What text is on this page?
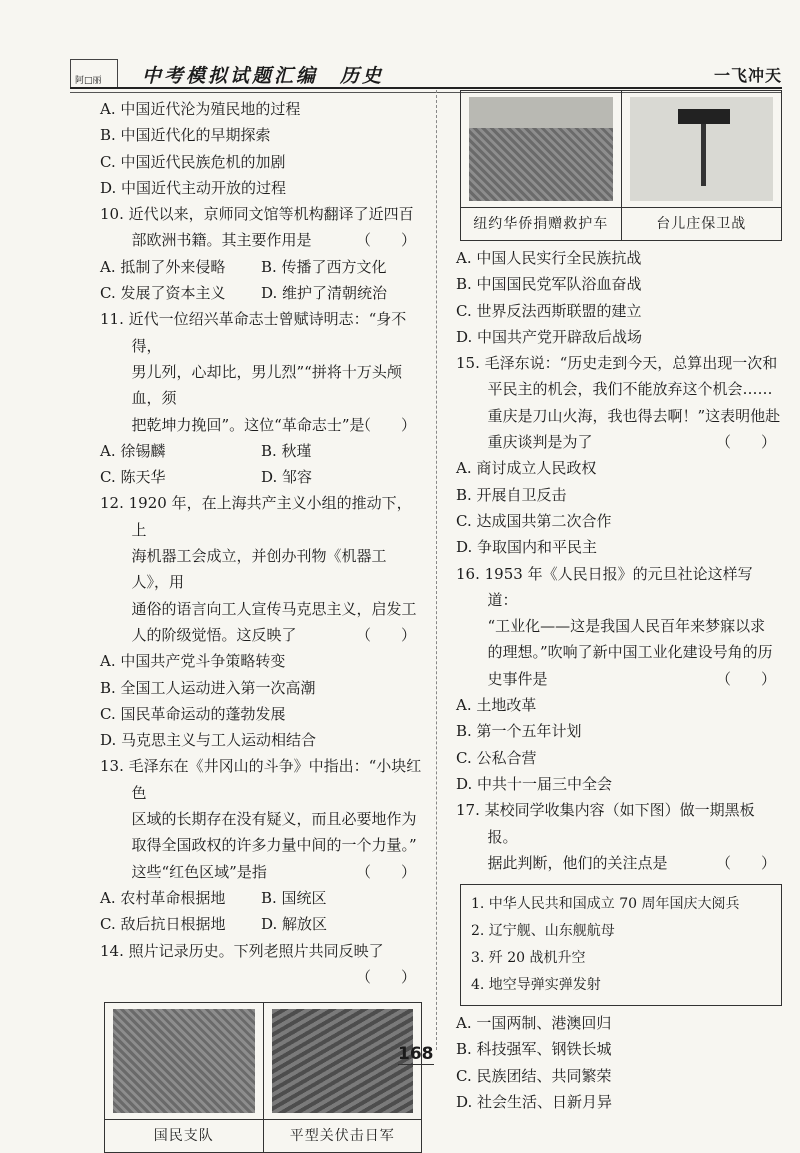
阿□丽 中考模拟试题汇编　历史	一飞冲天
A. 中国近代沦为殖民地的过程
B. 中国近代化的早期探索
C. 中国近代民族危机的加剧
D. 中国近代主动开放的过程
10. 近代以来，京师同文馆等机构翻译了近四百
部欧洲书籍。其主要作用是	（　　）
A. 抵制了外来侵略	B. 传播了西方文化
C. 发展了资本主义	D. 维护了清朝统治
11. 近代一位绍兴革命志士曾赋诗明志：“身不得，
男儿列，心却比，男儿烈”“拼将十万头颅血，须
把乾坤力挽回”。这位“革命志士”是
（　　）
A. 徐锡麟	B. 秋瑾
C. 陈天华	D. 邹容
12. 1920 年，在上海共产主义小组的推动下，上
海机器工会成立，并创办刊物《机器工人》，用
通俗的语言向工人宣传马克思主义，启发工
人的阶级觉悟。这反映了	（　　）
A. 中国共产党斗争策略转变
B. 全国工人运动进入第一次高潮
C. 国民革命运动的蓬勃发展
D. 马克思主义与工人运动相结合
13. 毛泽东在《井冈山的斗争》中指出：“小块红色
区域的长期存在没有疑义，而且必要地作为
取得全国政权的许多力量中间的一个力量。”
这些“红色区域”是指	（　　）
A. 农村革命根据地	B. 国统区
C. 敌后抗日根据地	D. 解放区
14. 照片记录历史。下列老照片共同反映了
（　　）
国民支队	平型关伏击日军
纽约华侨捐赠救护车	台儿庄保卫战
A. 中国人民实行全民族抗战
B. 中国国民党军队浴血奋战
C. 世界反法西斯联盟的建立
D. 中国共产党开辟敌后战场
15. 毛泽东说：“历史走到今天，总算出现一次和
平民主的机会，我们不能放弃这个机会……
重庆是刀山火海，我也得去啊！”这表明他赴
重庆谈判是为了	（　　）
A. 商讨成立人民政权
B. 开展自卫反击
C. 达成国共第二次合作
D. 争取国内和平民主
16. 1953 年《人民日报》的元旦社论这样写道：
“工业化——这是我国人民百年来梦寐以求
的理想。”吹响了新中国工业化建设号角的历
史事件是	（　　）
A. 土地改革
B. 第一个五年计划
C. 公私合营
D. 中共十一届三中全会
17. 某校同学收集内容（如下图）做一期黑板报。
据此判断，他们的关注点是	（　　）
1. 中华人民共和国成立 70 周年国庆大阅兵
2. 辽宁舰、山东舰航母
3. 歼 20 战机升空
4. 地空导弹实弹发射
A. 一国两制、港澳回归
B. 科技强军、钢铁长城
C. 民族团结、共同繁荣
D. 社会生活、日新月异
168
